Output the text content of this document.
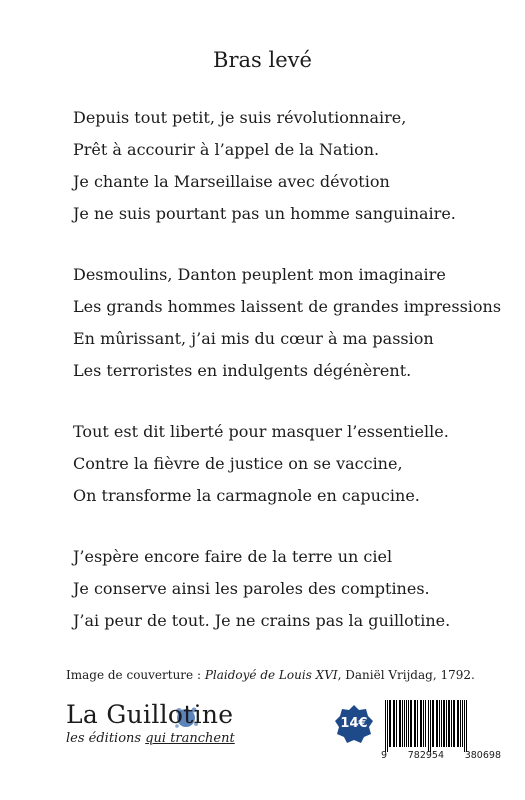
Bras levé
Depuis tout petit, je suis révolutionnaire,
Prêt à accourir à l’appel de la Nation.
Je chante la Marseillaise avec dévotion
Je ne suis pourtant pas un homme sanguinaire.
Desmoulins, Danton peuplent mon imaginaire
Les grands hommes laissent de grandes impressions
En mûrissant, j’ai mis du cœur à ma passion
Les terroristes en indulgents dégénèrent.
Tout est dit liberté pour masquer l’essentielle.
Contre la fièvre de justice on se vaccine,
On transforme la carmagnole en capucine.
J’espère encore faire de la terre un ciel
Je conserve ainsi les paroles des comptines.
J’ai peur de tout. Je ne crains pas la guillotine.
Image de couverture : Plaidoyé de Louis XVI, Daniël Vrijdag, 1792.
La Guillotine
les éditions qui tranchent
14€
9 782954 380698
